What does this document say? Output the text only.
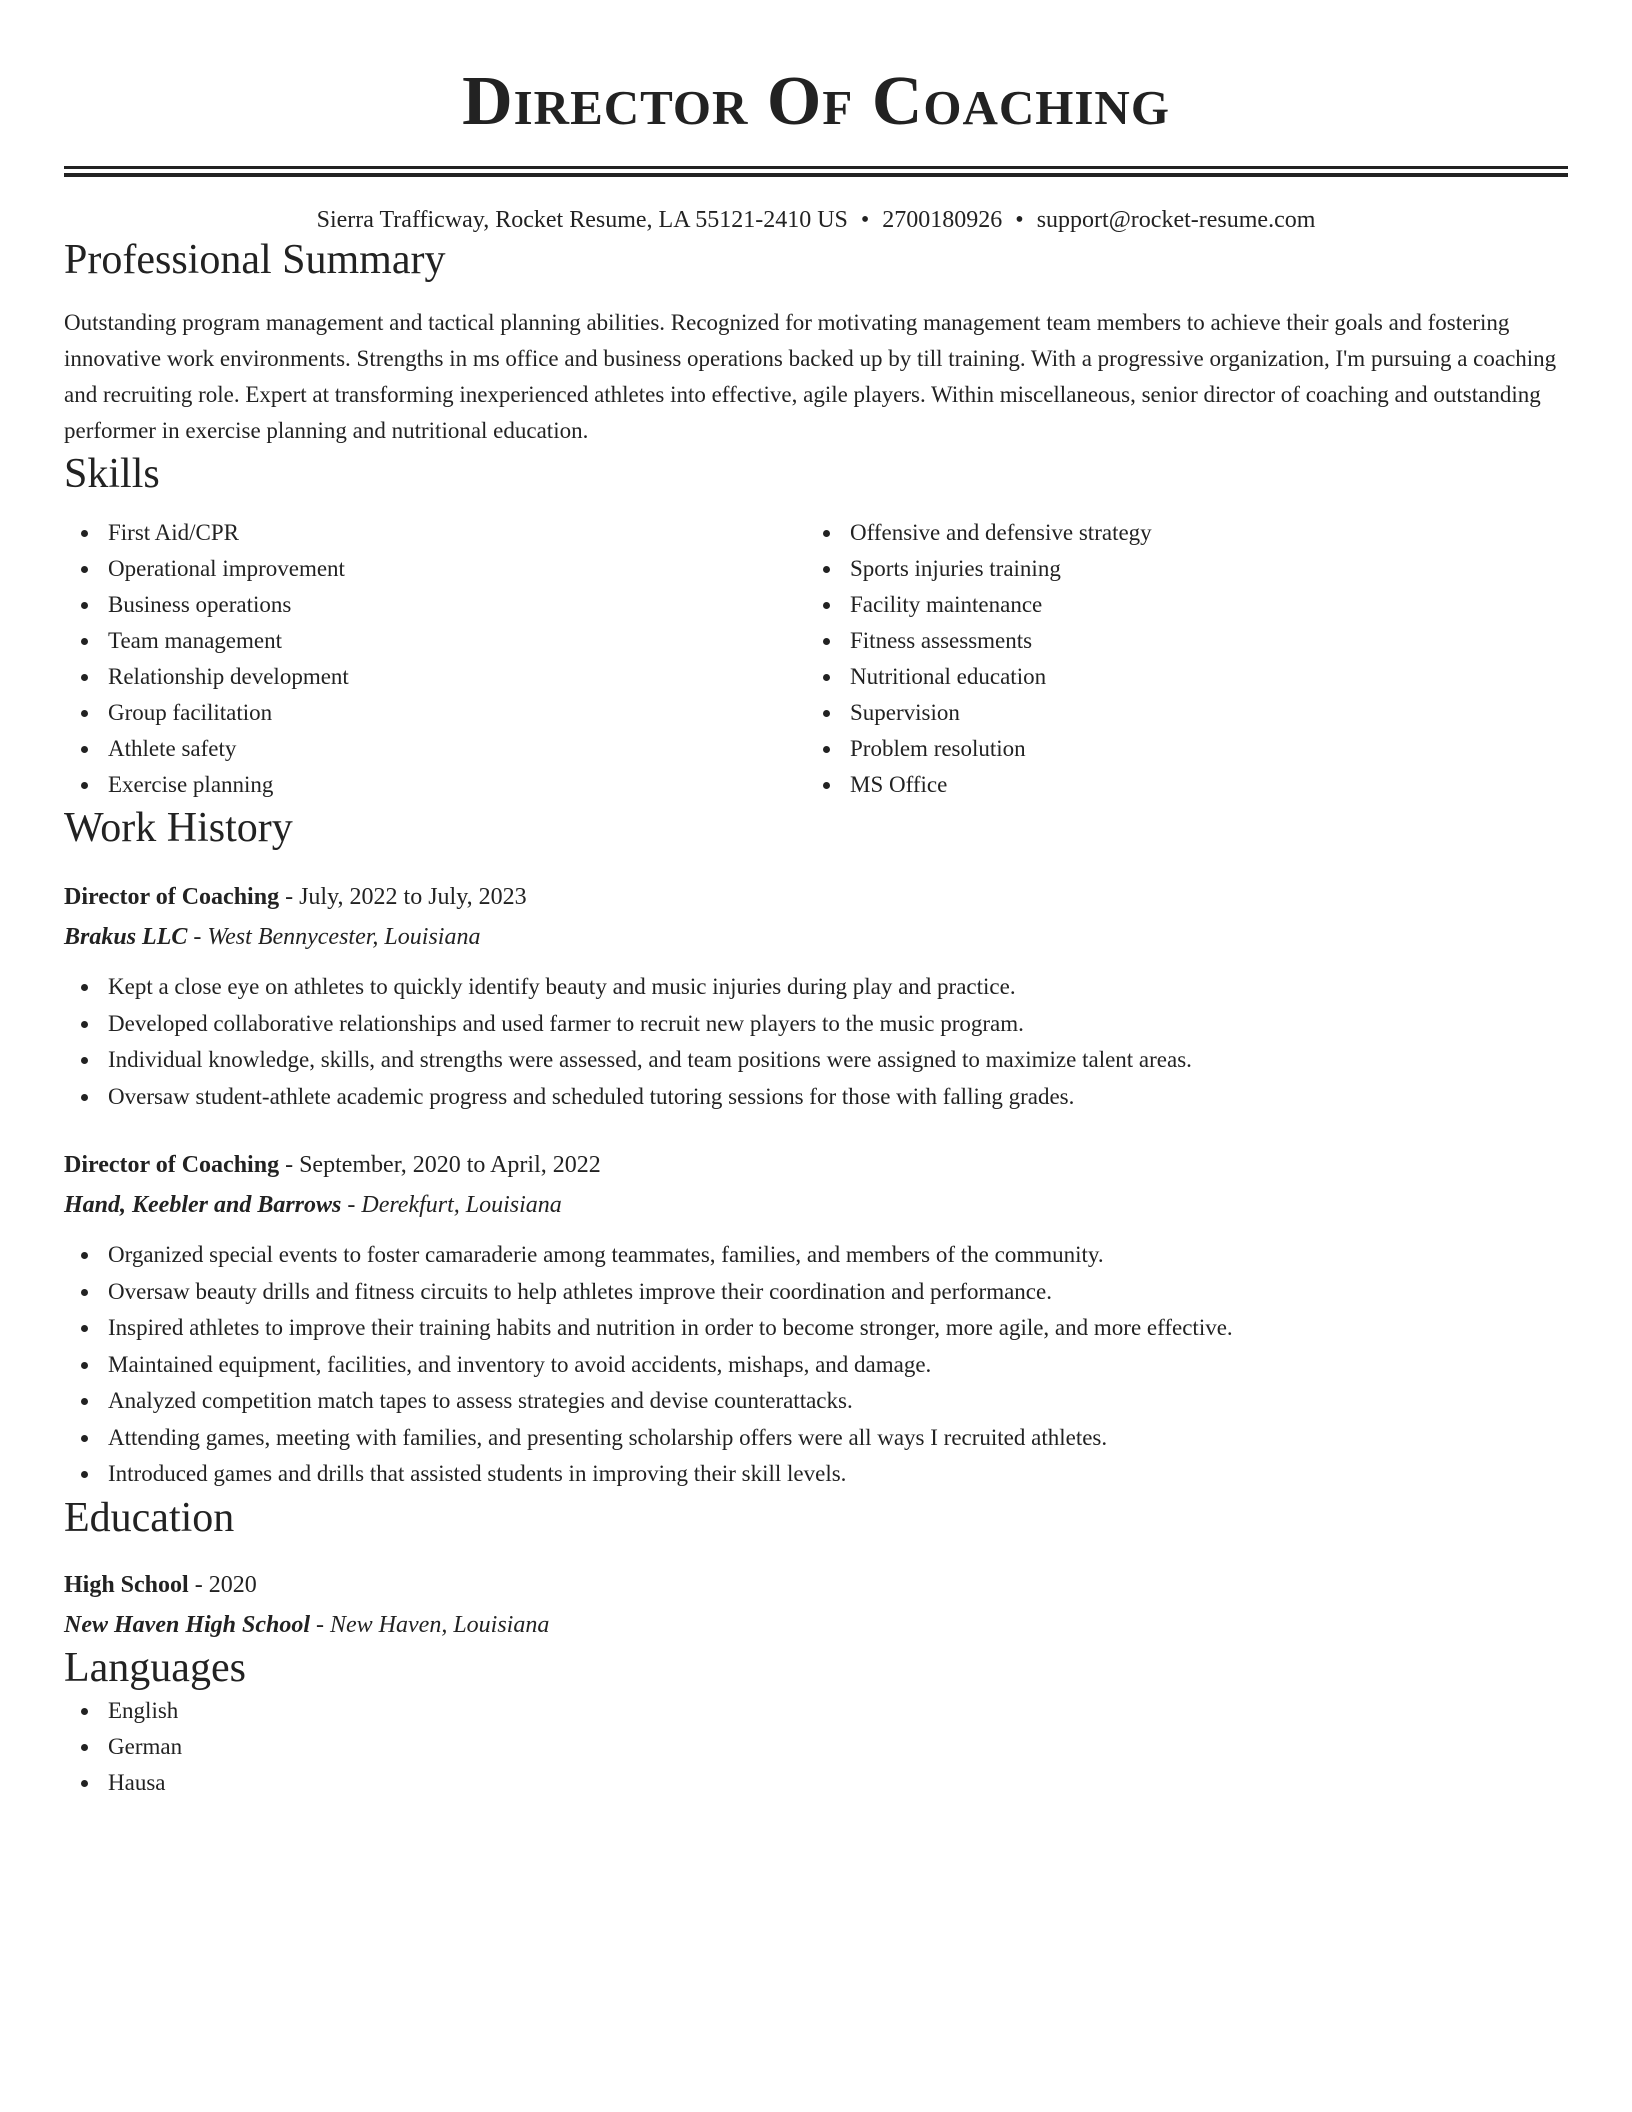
Director Of Coaching
Sierra Trafficway, Rocket Resume, LA 55121-2410 US • 2700180926 • support@rocket-resume.com
Professional Summary

Outstanding program management and tactical planning abilities. Recognized for motivating management team members to achieve their goals and fostering innovative work environments. Strengths in ms office and business operations backed up by till training. With a progressive organization, I'm pursuing a coaching and recruiting role. Expert at transforming inexperienced athletes into effective, agile players. Within miscellaneous, senior director of coaching and outstanding performer in exercise planning and nutritional education.

Skills
First Aid/CPR
Operational improvement
Business operations
Team management
Relationship development
Group facilitation
Athlete safety
Exercise planning
Offensive and defensive strategy
Sports injuries training
Facility maintenance
Fitness assessments
Nutritional education
Supervision
Problem resolution
MS Office
Work History
Director of Coaching - July, 2022 to July, 2023
Brakus LLC - West Bennycester, Louisiana
Kept a close eye on athletes to quickly identify beauty and music injuries during play and practice.
Developed collaborative relationships and used farmer to recruit new players to the music program.
Individual knowledge, skills, and strengths were assessed, and team positions were assigned to maximize talent areas.
Oversaw student-athlete academic progress and scheduled tutoring sessions for those with falling grades.
Director of Coaching - September, 2020 to April, 2022
Hand, Keebler and Barrows - Derekfurt, Louisiana
Organized special events to foster camaraderie among teammates, families, and members of the community.
Oversaw beauty drills and fitness circuits to help athletes improve their coordination and performance.
Inspired athletes to improve their training habits and nutrition in order to become stronger, more agile, and more effective.
Maintained equipment, facilities, and inventory to avoid accidents, mishaps, and damage.
Analyzed competition match tapes to assess strategies and devise counterattacks.
Attending games, meeting with families, and presenting scholarship offers were all ways I recruited athletes.
Introduced games and drills that assisted students in improving their skill levels.
Education
High School - 2020
New Haven High School - New Haven, Louisiana
Languages
English
German
Hausa
